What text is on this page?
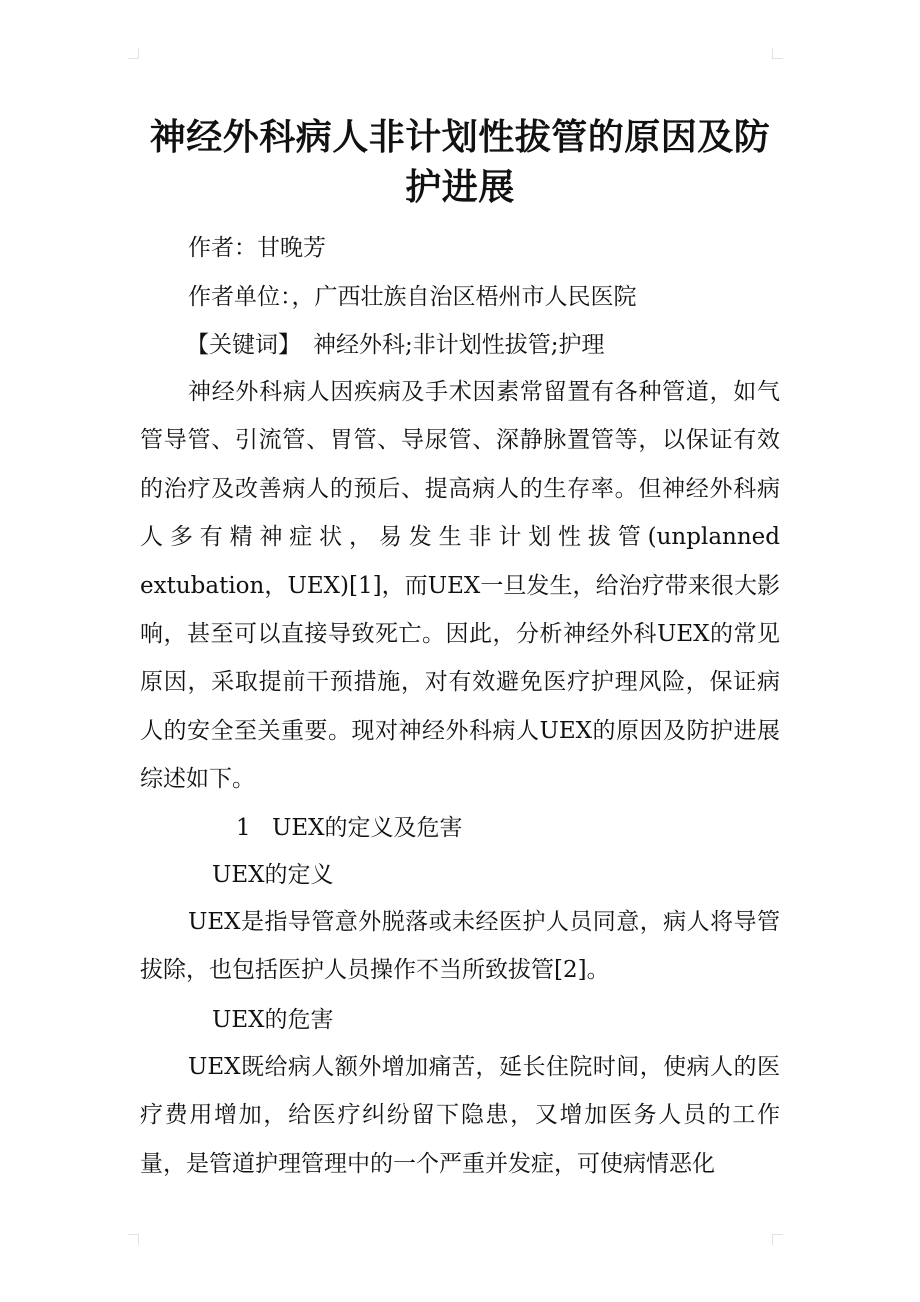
神经外科病人非计划性拔管的原因及防护进展
作者：甘晚芳
作者单位：，广西壮族自治区梧州市人民医院
【关键词】 神经外科;非计划性拔管;护理

神经外科病人因疾病及手术因素常留置有各种管道，如气管导管、引流管、胃管、导尿管、深静脉置管等，以保证有效的治疗及改善病人的预后、提高病人的生存率。但神经外科病人多有精神症状，易发生非计划性拔管(unplanned extubation，UEX)[1]，而UEX一旦发生，给治疗带来很大影响，甚至可以直接导致死亡。因此，分析神经外科UEX的常见原因，采取提前干预措施，对有效避免医疗护理风险，保证病人的安全至关重要。现对神经外科病人UEX的原因及防护进展综述如下。

1 UEX的定义及危害
UEX的定义

UEX是指导管意外脱落或未经医护人员同意，病人将导管拔除，也包括医护人员操作不当所致拔管[2]。

UEX的危害

UEX既给病人额外增加痛苦，延长住院时间，使病人的医疗费用增加，给医疗纠纷留下隐患，又增加医务人员的工作量，是管道护理管理中的一个严重并发症，可使病情恶化
